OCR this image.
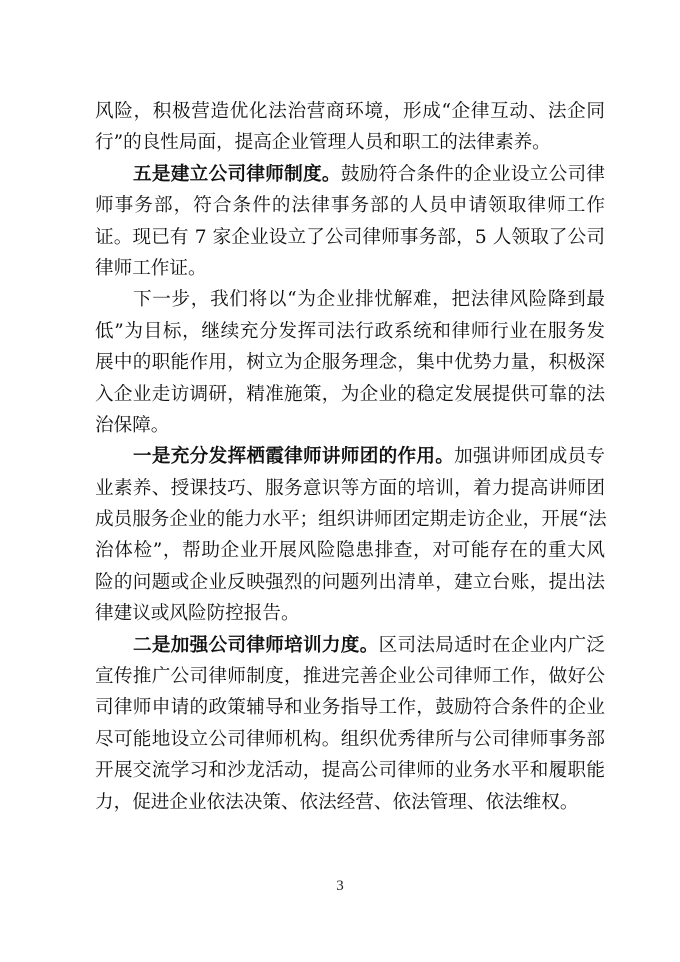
风险，积极营造优化法治营商环境，形成“企律互动、法企同
行”的良性局面，提高企业管理人员和职工的法律素养。
五是建立公司律师制度。鼓励符合条件的企业设立公司律
师事务部，符合条件的法律事务部的人员申请领取律师工作
证。现已有 7 家企业设立了公司律师事务部，5 人领取了公司
律师工作证。
下一步，我们将以“为企业排忧解难，把法律风险降到最
低”为目标，继续充分发挥司法行政系统和律师行业在服务发
展中的职能作用，树立为企服务理念，集中优势力量，积极深
入企业走访调研，精准施策，为企业的稳定发展提供可靠的法
治保障。
一是充分发挥栖霞律师讲师团的作用。加强讲师团成员专
业素养、授课技巧、服务意识等方面的培训，着力提高讲师团
成员服务企业的能力水平；组织讲师团定期走访企业，开展“法
治体检”，帮助企业开展风险隐患排查，对可能存在的重大风
险的问题或企业反映强烈的问题列出清单，建立台账，提出法
律建议或风险防控报告。
二是加强公司律师培训力度。区司法局适时在企业内广泛
宣传推广公司律师制度，推进完善企业公司律师工作，做好公
司律师申请的政策辅导和业务指导工作，鼓励符合条件的企业
尽可能地设立公司律师机构。组织优秀律所与公司律师事务部
开展交流学习和沙龙活动，提高公司律师的业务水平和履职能
力，促进企业依法决策、依法经营、依法管理、依法维权。
3
